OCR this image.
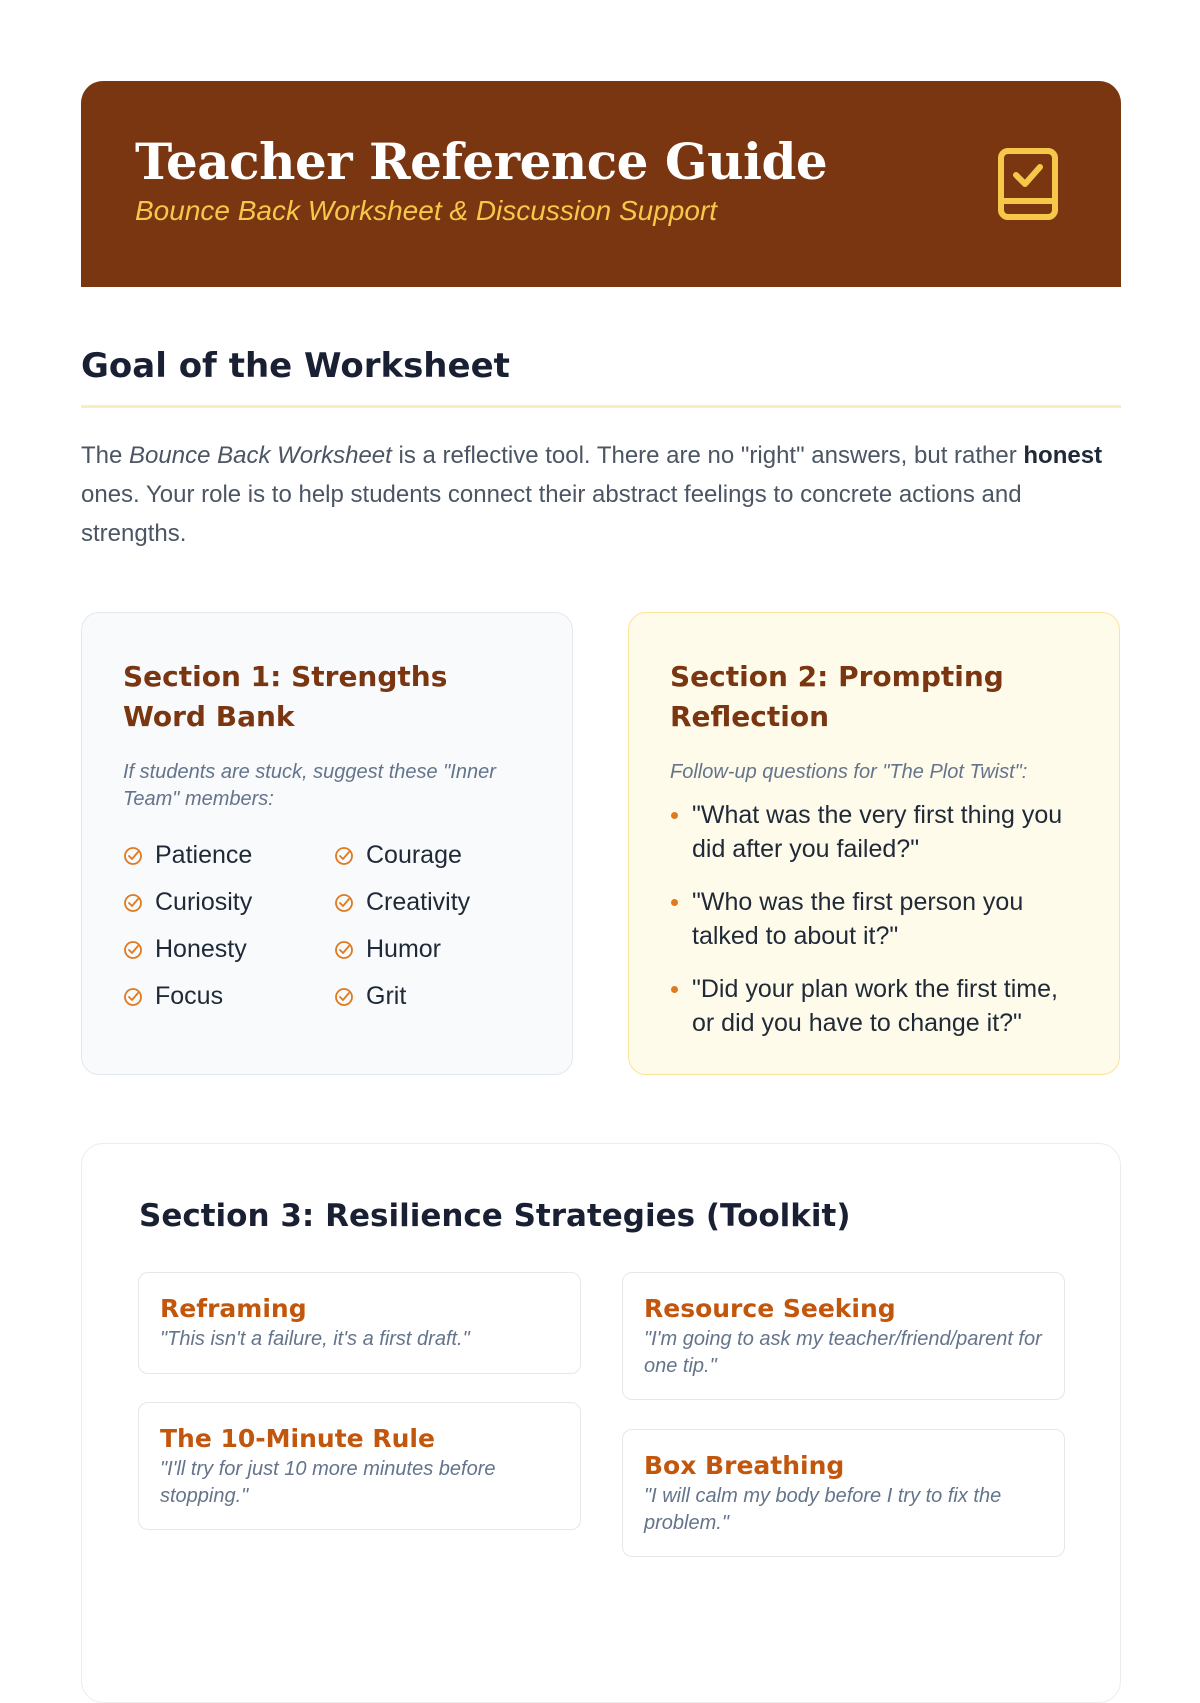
Teacher Reference Guide

Bounce Back Worksheet & Discussion Support

Goal of the Worksheet

The Bounce Back Worksheet is a reflective tool. There are no "right" answers, but rather honest ones. Your role is to help students connect their abstract feelings to concrete actions and strengths.

Section 1: Strengths Word Bank

If students are stuck, suggest these "Inner Team" members:

Patience	Courage
Curiosity	Creativity
Honesty	Humor
Focus	Grit
Section 2: Prompting Reflection

Follow-up questions for "The Plot Twist":

"What was the very first thing you did after you failed?"
"Who was the first person you talked to about it?"
"Did your plan work the first time, or did you have to change it?"
Section 3: Resilience Strategies (Toolkit)
Reframing
"This isn't a failure, it's a first draft."
Resource Seeking
"I'm going to ask my teacher/friend/parent for one tip."
The 10-Minute Rule
"I'll try for just 10 more minutes before stopping."
Box Breathing
"I will calm my body before I try to fix the problem."
